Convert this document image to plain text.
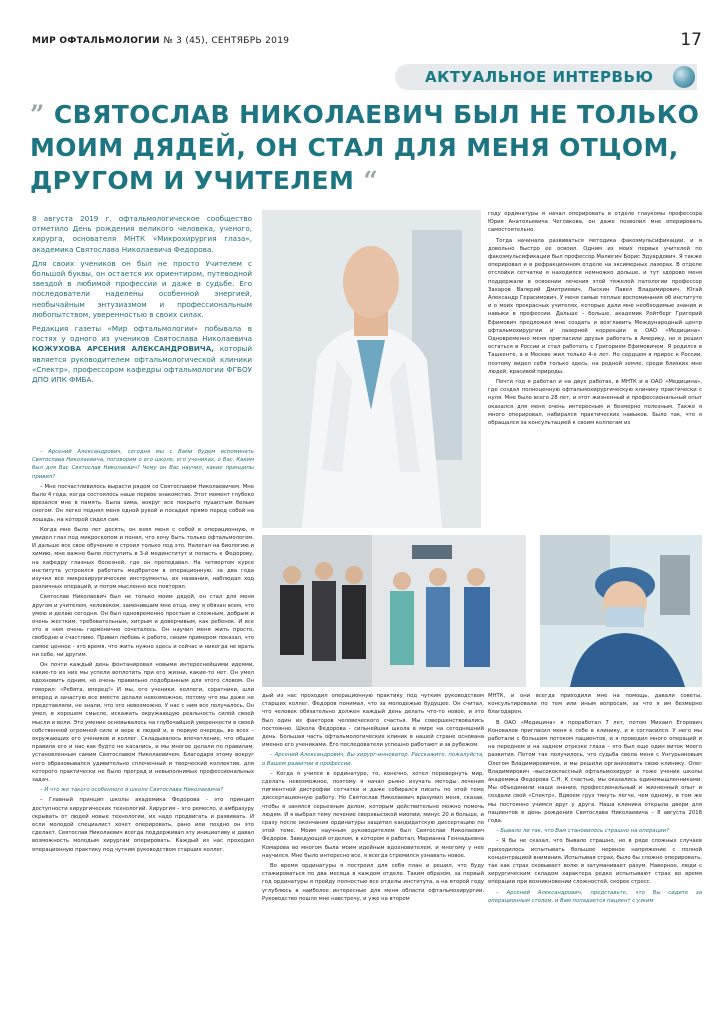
МИР ОФТАЛЬМОЛОГИИ № 3 (45), СЕНТЯБРЬ 2019	17
АКТУАЛЬНОЕ ИНТЕРВЬЮ
” СВЯТОСЛАВ НИКОЛАЕВИЧ БЫЛ НЕ ТОЛЬКО МОИМ ДЯДЕЙ, ОН СТАЛ ДЛЯ МЕНЯ ОТЦОМ, ДРУГОМ И УЧИТЕЛЕМ “

8 августа 2019 г. офтальмологическое сообщество отметило День рождения великого человека, ученого, хирурга, основателя МНТК «Микрохирургия глаза», академика Святослава Николаевича Федорова.

Для своих учеников он был не просто Учителем с большой буквы, он остается их ориентиром, путеводной звездой в любимой профессии и даже в судьбе. Его последователи наделены особенной энергией, необычайным энтузиазмом и профессиональным любопытством, уверенностью в своих силах.

Редакция газеты «Мир офтальмологии» побывала в гостях у одного из учеников Святослава Николаевича КОЖУХОВА АРСЕНИЯ АЛЕКСАНДРОВИЧА, который является руководителем офтальмологической клиники «Спектр», профессором кафедры офтальмологии ФГБОУ ДПО ИПК ФМБА.

– Арсений Александрович, сегодня мы с Вами будем вспоминать Святослава Николаевича, поговорим о его школе, его учениках, о Вас. Каким был для Вас Святослав Николаевич? Чему он Вас научил, какие принципы привил?

– Мне посчастливилось вырасти рядом со Святославом Николаевичем. Мне было 4 года, когда состоялось наше первое знакомство. Этот момент глубоко врезался мне в память. Была зима, вокруг все покрыто пушистым белым снегом. Он легко поднял меня одной рукой и посадил прямо перед собой на лошадь, на которой сидел сам.

Когда мне было лет десять, он взял меня с собой в операционную, я увидел глаз под микроскопом и понял, что хочу быть только офтальмологом. И дальше все свое обучение я строил только под это. Налегал на биологию и химию, мне важно было поступить в 3-й мединститут и попасть к Федорову, на кафедру глазных болезней, где он преподавал. На четвертом курсе института устроился работать медбратом в операционную, за два года изучил все микрохирургические инструменты, их названия, наблюдал ход различных операций, и потом мысленно все повторял.

Святослав Николаевич был не только моим дядей, он стал для меня другом и учителем, человеком, заменившим мне отца, ему я обязан всем, что умею и делаю сегодня. Он был одновременно простым и сложным, добрым и очень жестким, требовательным, хитрым и доверчивым, как ребенок. И все это в нем очень гармонично сочеталось. Он научил меня жить просто, свободно и счастливо. Привил любовь к работе, своим примером показал, что самое ценное - это время, что жить нужно здесь и сейчас и никогда не врать ни себе, ни другим.

Он почти каждый день фонтанировал новыми интереснейшими идеями, какие-то из них мы успели воплотить при его жизни, какие-то нет. Он умел вдохновить одним, но очень правильно подобранным для этого словом. Он говорил: «Ребята, вперед!» И мы, его ученики, коллеги, соратники, шли вперед и зачастую все вместе делали невозможное, потому что мы даже не представляли, не знали, что это невозможно. У нас с ним все получалось. Он умел, в хорошем смысле, искажать окружающую реальность силой своей мысли и воли. Это умение основывалось на глубочайшей уверенности в своей собственной огромной силе и вере в людей и, в первую очередь, во всех – окружающих его учеников и коллег. Складывалось впечатление, что общие правила его и нас как будто не касались, и мы многое делали по правилам, установленным самим Святославом Николаевичем. Благодаря этому вокруг него образовывался удивительно сплоченный и творческий коллектив, для которого практически не было преград и невыполнимых профессиональных задач.

– И что же такого особенного в школе Святослава Николаевича?

– Главный принцип школы академика Федорова - это принцип доступности хирургических технологий. Хирургия – это ремесло, и амбразуру скрывать от людей новые технологии, их надо продвигать и развивать. И если молодой специалист хочет оперировать, рано или поздно он это сделает. Святослав Николаевич всегда поддерживал эту инициативу и давал возможность молодым хирургам оперировать. Каждый из нас проходил операционную практику под чутким руководством старших коллег.

дый из нас проходил операционную практику под чутким руководством старших коллег. Федоров понимал, что за молодежью будущее. Он считал, что человек обязательно должен каждый день делать что-то новое, и это был один из факторов человеческого счастья. Мы совершенствовались постоянно. Школа Федорова - сильнейшая школа в мире на сегодняшний день. Большая часть офтальмологических клиник в нашей стране основана именно его учениками. Его последователи успешно работают и за рубежом.

– Арсений Александрович, Вы хирург-инноватор. Расскажите, пожалуйста, о Вашем развитии в профессии.

– Когда я учился в ординатуре, то, конечно, хотел перевернуть мир, сделать невозможное, поэтому я начал рьяно изучать методы лечения пигментной дистрофии сетчатки и даже собирался писать по этой теме диссертационную работу. Но Святослав Николаевич вразумил меня, сказав, чтобы я занялся серьезным делом, которым действительно можно помочь людям. И я выбрал тему лечение сверхвысокой миопии, минус 20 и больше, и сразу после окончания ординатуры защитил кандидатскую диссертацию по этой теме. Моим научным руководителем был Святослав Николаевич Федоров. Заведующей отделом, в котором я работал, Марианна Геннадьевна Комарова во многом была моим идейным вдохновителем, и многому у нее научился. Мне было интересно все, я всегда стремился узнавать новое.

Во время ординатуры я построил для себя план и решил, что буду стажироваться по два месяца в каждом отделе. Таким образом, за первый год ординатуры я пройду полностью все отделы института, а на второй году углублюсь в наиболее интересные для меня области офтальмохирургии. Руководство пошло мне навстречу, и уже на втором

году ординатуры я начал оперировать в отделе глаукомы профессора Юрия Анатольевича Чеглакова, он даже позволил мне оперировать самостоятельно.

Тогда начинала развиваться методика факоэмульсификации, и я довольно быстро ее освоил. Одним из моих первых учителей по факоэмульсификации был профессор Малюгин Борис Эдуардович. Я также оперировал и в рефракционном отделе на эксимерных лазерах. В отделе отслойки сетчатки я находился немножко дольше, и тут здорово меня поддержали в освоении лечения этой тяжелой патологии профессор Захаров Валерий Дмитриевич, Лыскин Павел Владимирович, Югай Александр Герасимович. У меня самые теплые воспоминания об институте и о моих прекрасных учителях, которые дали мне необходимые знания и навыки в профессии. Дальше – больше, академик Ройтберг Григорий Ефимович предложил мне создать и возглавить Международный центр офтальмохирургии и лазерной коррекции в ОАО «Медицина». Одновременно меня пригласили друзья работать в Америку, но я решил остаться в России и стал работать с Григорием Ефимовичем. Я родился в Ташкенте, а в Москве жил только 4-х лет. Но сердцем я прирос к России, поэтому видел себя только здесь, на родной земле, среди близких мне людей, красивой природы.

Почти год я работал и на двух работах, в МНТК и в ОАО «Медицина», где создал полноценную офтальмохирургическую клинику практически с нуля. Мне было всего 28 лет, и этот жизненный и профессиональный опыт оказался для меня очень интересным и безмерно полезным. Также я много оперировал, набирался практических навыков. Было так, что я обращался за консультацией к своим коллегам из

МНТК, и они всегда приходили мне на помощь, давали советы, консультировали по тем или иным вопросам, за что я им безмерно благодарен.

В ОАО «Медицина» я проработал 7 лет, потом Михаил Егорович Коновалов пригласил меня к себе в клинику, и я согласился. У него мы работали с большим потоком пациентов, и я проводил много операций и на переднем и на заднем отрезке глаза – это был еще один виток моего развития. Потом так получилось, что судьба свела меня с Унгурьяновым Олегом Владимировичем, и мы решили организовать свою клинику. Олег Владимирович –высококлассный офтальмохирург и тоже ученик школы академика Федорова С.Н. К счастью, мы оказались единомышленниками. Мы объединили наши знания, профессиональный и жизненный опыт и создали свой «Спектр». Вдвоем груз тянуть легче, чем одному, в том же мы постоянно учимся друг у друга. Наша клиника открыла двери для пациентов в день рождения Святослава Николаевича – 8 августа 2018 года.

– Бывало ли так, что Вам становилось страшно на операции?

– Я бы не сказал, что бывало страшно, но в ряде сложных случаев приходилось испытывать большое нервное напряжение с полной концентрацией внимания. Испытывая страх, было бы сложно оперировать, так как страх сковывает волю и затуманивает разум. Наверное, люди с хирургическим складом характера редко испытывают страх во время операции при возникновении сложностей, скорее стресс.

– Арсений Александрович, представьте, что Вы сидите за операционным столом, и Вам попадается пациент с узким
